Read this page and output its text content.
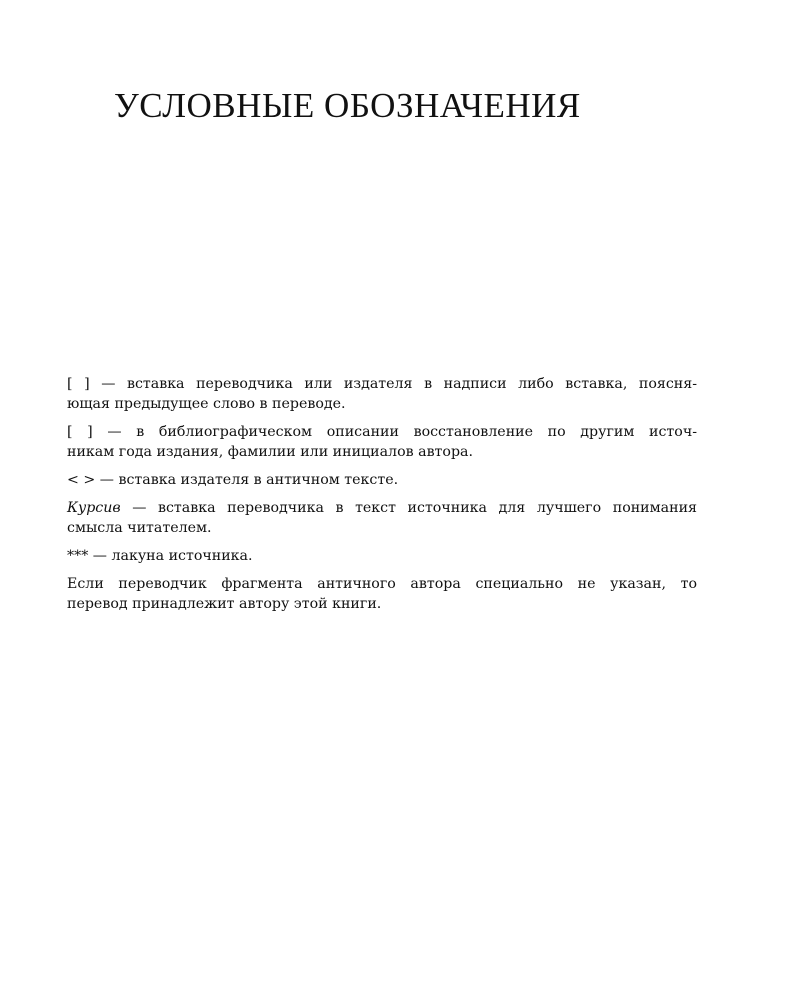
УСЛОВНЫЕ ОБОЗНАЧЕНИЯ
[ ] — вставка переводчика или издателя в надписи либо вставка, поясня-
ющая предыдущее слово в переводе.
[ ] — в библиографическом описании восстановление по другим источ-
никам года издания, фамилии или инициалов автора.
< > — вставка издателя в античном тексте.
Курсив — вставка переводчика в текст источника для лучшего понимания
смысла читателем.
*** — лакуна источника.
Если переводчик фрагмента античного автора специально не указан, то
перевод принадлежит автору этой книги.
